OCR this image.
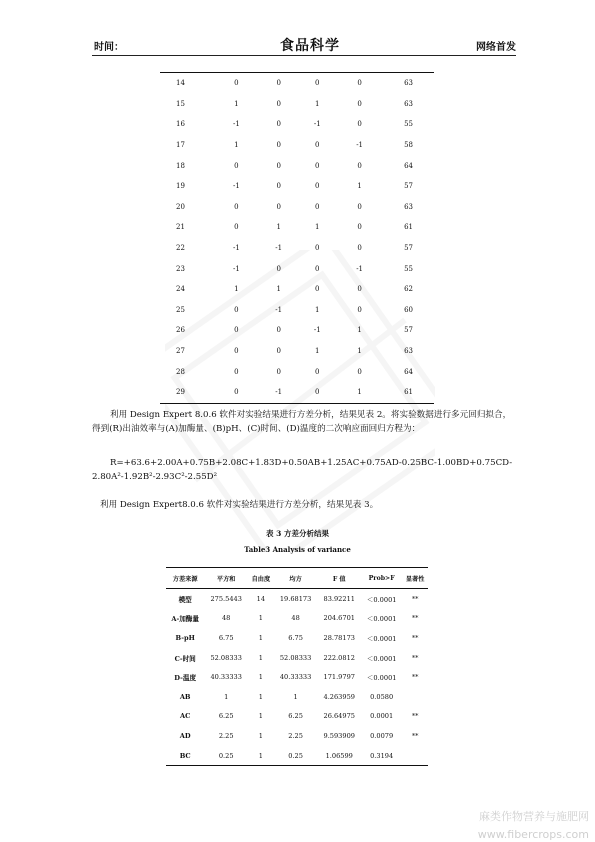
时间：	食品科学	网络首发
14	0	0	0	0	63
15	1	0	1	0	63
16	-1	0	-1	0	55
17	1	0	0	-1	58
18	0	0	0	0	64
19	-1	0	0	1	57
20	0	0	0	0	63
21	0	1	1	0	61
22	-1	-1	0	0	57
23	-1	0	0	-1	55
24	1	1	0	0	62
25	0	-1	1	0	60
26	0	0	-1	1	57
27	0	0	1	1	63
28	0	0	0	0	64
29	0	-1	0	1	61
利用 Design Expert 8.0.6 软件对实验结果进行方差分析，结果见表 2。将实验数据进行多元回归拟合，得到(R)出油效率与(A)加酶量、(B)pH、(C)时间、(D)温度的二次响应面回归方程为：
R=+63.6+2.00A+0.75B+2.08C+1.83D+0.50AB+1.25AC+0.75AD-0.25BC-1.00BD+0.75CD-2.80A²-1.92B²-2.93C²-2.55D²
利用 Design Expert8.0.6 软件对实验结果进行方差分析，结果见表 3。
表 3 方差分析结果
Table3 Analysis of variance
方差来源	平方和	自由度	均方	F 值	Prob>F	显著性
模型	275.5443	14	19.68173	83.92211	＜0.0001	**
A-加酶量	48	1	48	204.6701	＜0.0001	**
B-pH	6.75	1	6.75	28.78173	＜0.0001	**
C-时间	52.08333	1	52.08333	222.0812	＜0.0001	**
D-温度	40.33333	1	40.33333	171.9797	＜0.0001	**
AB	1	1	1	4.263959	0.0580	
AC	6.25	1	6.25	26.64975	0.0001	**
AD	2.25	1	2.25	9.593909	0.0079	**
BC	0.25	1	0.25	1.06599	0.3194	
麻类作物营养与施肥网
www.fibercrops.com
